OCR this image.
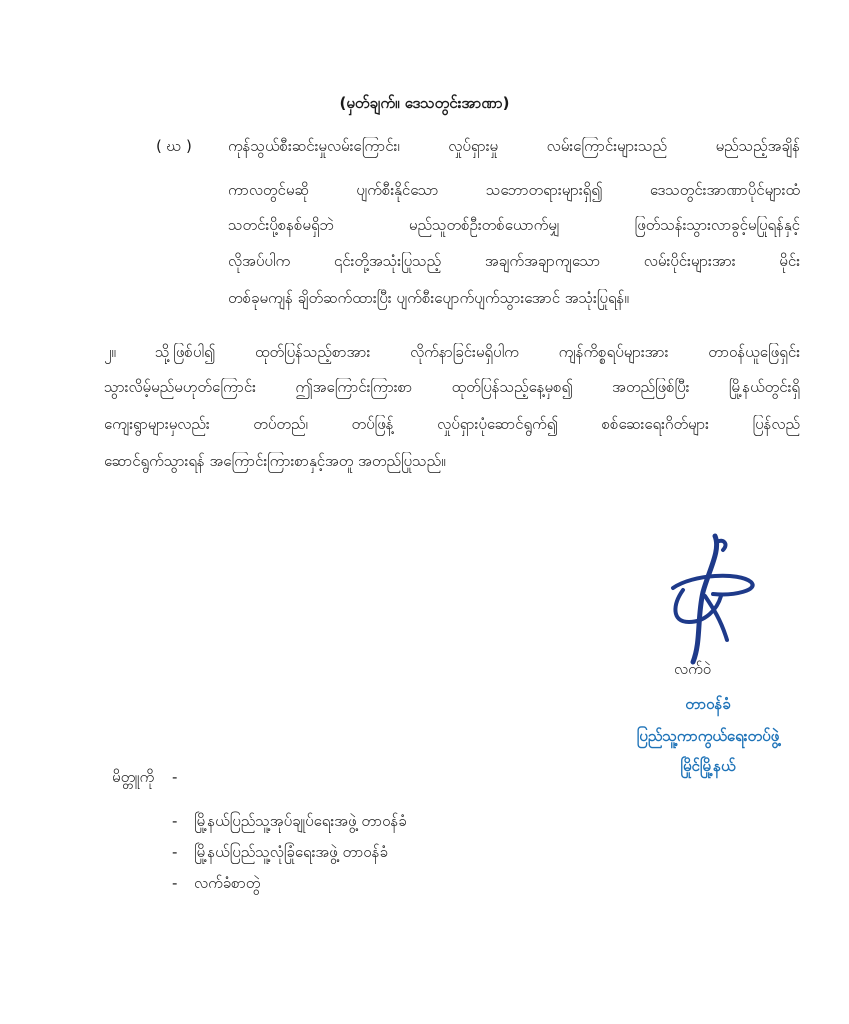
(မှတ်ချက်။ ဒေသတွင်းအာဏာ)
( ဃ ) ကုန်သွယ်စီးဆင်းမှုလမ်းကြောင်း၊ လှုပ်ရှားမှု လမ်းကြောင်းများသည် မည်သည့်အချိန်
ကာလတွင်မဆို ပျက်စီးနိုင်သော သဘောတရားများရှိ၍ ဒေသတွင်းအာဏာပိုင်များထံ
သတင်းပို့စနစ်မရှိဘဲ မည်သူတစ်ဦးတစ်ယောက်မျှ ဖြတ်သန်းသွားလာခွင့်မပြုရန်နှင့်
လိုအပ်ပါက ၎င်းတို့အသုံးပြုသည့် အချက်အချာကျသော လမ်းပိုင်းများအား မိုင်း
တစ်ခုမကျန် ချိတ်ဆက်ထားပြီး ပျက်စီးပျောက်ပျက်သွားအောင် အသုံးပြုရန်။
၂။	သို့ဖြစ်ပါ၍ ထုတ်ပြန်သည့်စာအား လိုက်နာခြင်းမရှိပါက ကျန်ကိစ္စရပ်များအား တာဝန်ယူဖြေရှင်း
သွားလိမ့်မည်မဟုတ်ကြောင်း ဤအကြောင်းကြားစာ ထုတ်ပြန်သည့်နေ့မှစ၍ အတည်ဖြစ်ပြီး မြို့နယ်တွင်းရှိ
ကျေးရွာများမှလည်း တပ်တည်၊ တပ်ဖြန့် လှုပ်ရှားပုံဆောင်ရွက်၍ စစ်ဆေးရေးဂိတ်များ ပြန်လည်
ဆောင်ရွက်သွားရန် အကြောင်းကြားစာနှင့်အတူ အတည်ပြုသည်။
လက်ဝဲ
တာဝန်ခံ
ပြည်သူ့ကာကွယ်ရေးတပ်ဖွဲ့
မြိုင်မြို့နယ်
မိတ္တူကို -
- မြို့နယ်ပြည်သူ့အုပ်ချုပ်ရေးအဖွဲ့ တာဝန်ခံ
- မြို့နယ်ပြည်သူ့လုံခြုံရေးအဖွဲ့ တာဝန်ခံ
- လက်ခံစာတွဲ
